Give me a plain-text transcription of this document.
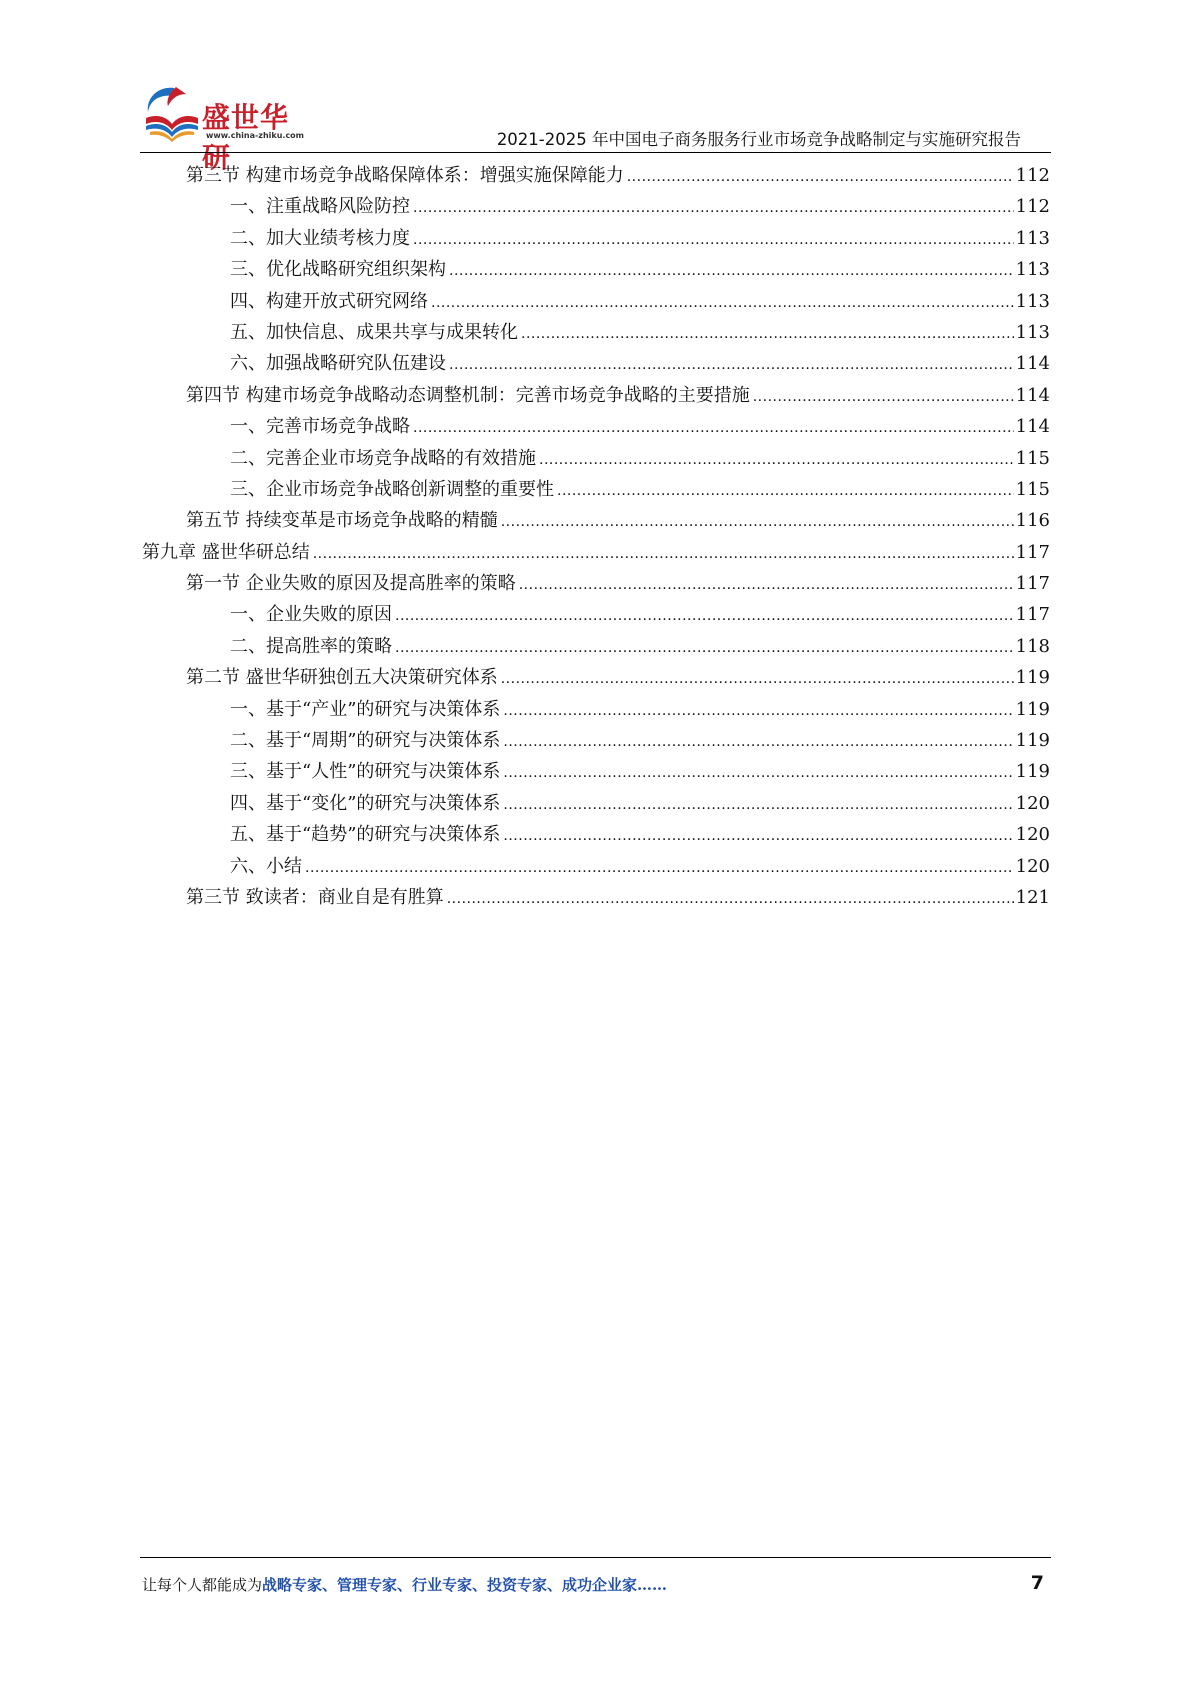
盛世华研
www.china-zhiku.com	2021-2025 年中国电子商务服务行业市场竞争战略制定与实施研究报告
第三节 构建市场竞争战略保障体系：增强实施保障能力 .....	112
一、注重战略风险防控 .....	112
二、加大业绩考核力度 .....	113
三、优化战略研究组织架构 .....	113
四、构建开放式研究网络 .....	113
五、加快信息、成果共享与成果转化 .....	113
六、加强战略研究队伍建设 .....	114
第四节 构建市场竞争战略动态调整机制：完善市场竞争战略的主要措施 .....	114
一、完善市场竞争战略 .....	114
二、完善企业市场竞争战略的有效措施 .....	115
三、企业市场竞争战略创新调整的重要性 .....	115
第五节 持续变革是市场竞争战略的精髓 .....	116
第九章 盛世华研总结 .....	117
第一节 企业失败的原因及提高胜率的策略 .....	117
一、企业失败的原因 .....	117
二、提高胜率的策略 .....	118
第二节 盛世华研独创五大决策研究体系 .....	119
一、基于“产业”的研究与决策体系 .....	119
二、基于“周期”的研究与决策体系 .....	119
三、基于“人性”的研究与决策体系 .....	119
四、基于“变化”的研究与决策体系 .....	120
五、基于“趋势”的研究与决策体系 .....	120
六、小结 .....	120
第三节 致读者：商业自是有胜算 .....	121
让每个人都能成为战略专家、管理专家、行业专家、投资专家、成功企业家……	7
